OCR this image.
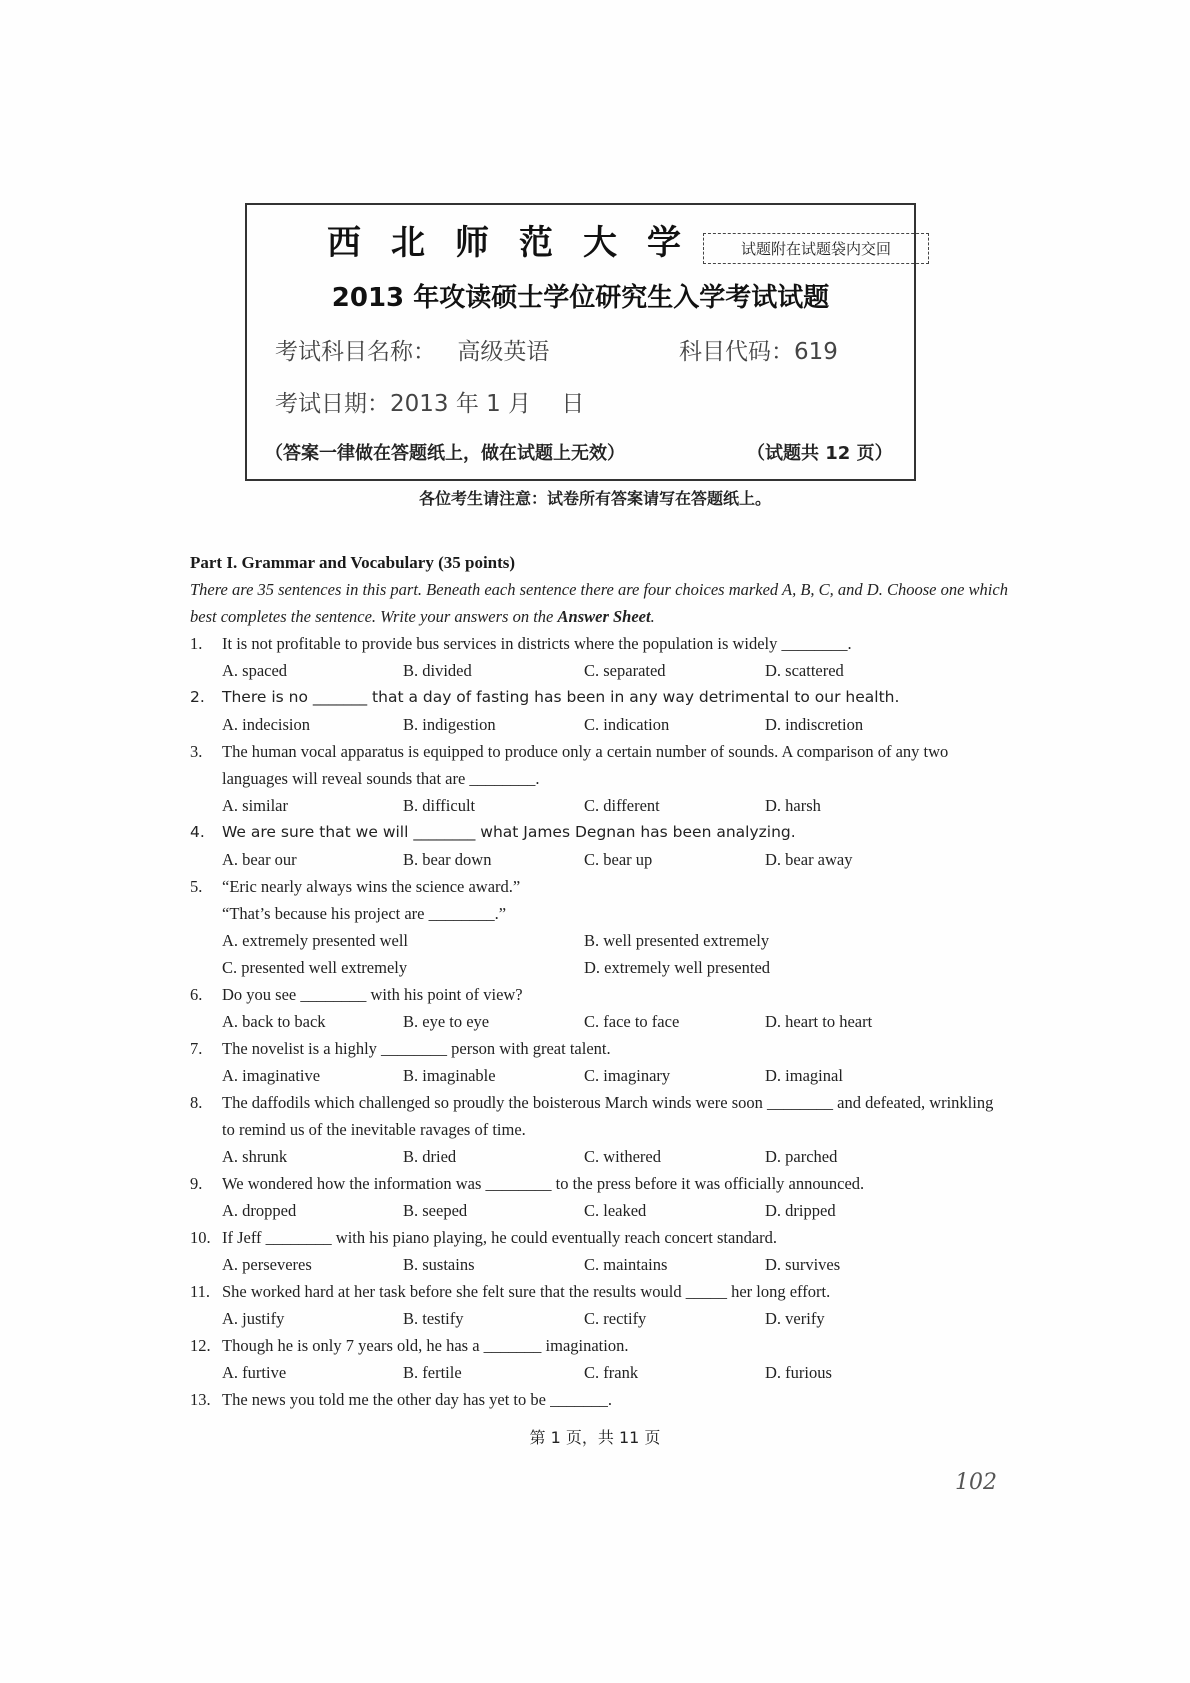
西北师范大学	试题附在试题袋内交回
2013 年攻读硕士学位研究生入学考试试题
考试科目名称： 高级英语	科目代码：619
考试日期：2013 年 1 月　 日
（答案一律做在答题纸上，做在试题上无效）	（试题共 12 页）
各位考生请注意：试卷所有答案请写在答题纸上。
Part I. Grammar and Vocabulary (35 points)
There are 35 sentences in this part. Beneath each sentence there are four choices marked A, B, C, and D. Choose one which best completes the sentence. Write your answers on the Answer Sheet.
1. It is not profitable to provide bus services in districts where the population is widely ________.
A. spaced	B. divided	C. separated	D. scattered
2. There is no _______ that a day of fasting has been in any way detrimental to our health.
A. indecision	B. indigestion	C. indication	D. indiscretion
3. The human vocal apparatus is equipped to produce only a certain number of sounds. A comparison of any two languages will reveal sounds that are ________.
A. similar	B. difficult	C. different	D. harsh
4. We are sure that we will ________ what James Degnan has been analyzing.
A. bear our	B. bear down	C. bear up	D. bear away
5. “Eric nearly always wins the science award.”
“That’s because his project are ________.”
A. extremely presented well	B. well presented extremely
C. presented well extremely	D. extremely well presented
6. Do you see ________ with his point of view?
A. back to back	B. eye to eye	C. face to face	D. heart to heart
7. The novelist is a highly ________ person with great talent.
A. imaginative	B. imaginable	C. imaginary	D. imaginal
8. The daffodils which challenged so proudly the boisterous March winds were soon ________ and defeated, wrinkling to remind us of the inevitable ravages of time.
A. shrunk	B. dried	C. withered	D. parched
9. We wondered how the information was ________ to the press before it was officially announced.
A. dropped	B. seeped	C. leaked	D. dripped
10. If Jeff ________ with his piano playing, he could eventually reach concert standard.
A. perseveres	B. sustains	C. maintains	D. survives
11. She worked hard at her task before she felt sure that the results would _____ her long effort.
A. justify	B. testify	C. rectify	D. verify
12. Though he is only 7 years old, he has a _______ imagination.
A. furtive	B. fertile	C. frank	D. furious
13. The news you told me the other day has yet to be _______.
第 1 页，共 11 页
102
